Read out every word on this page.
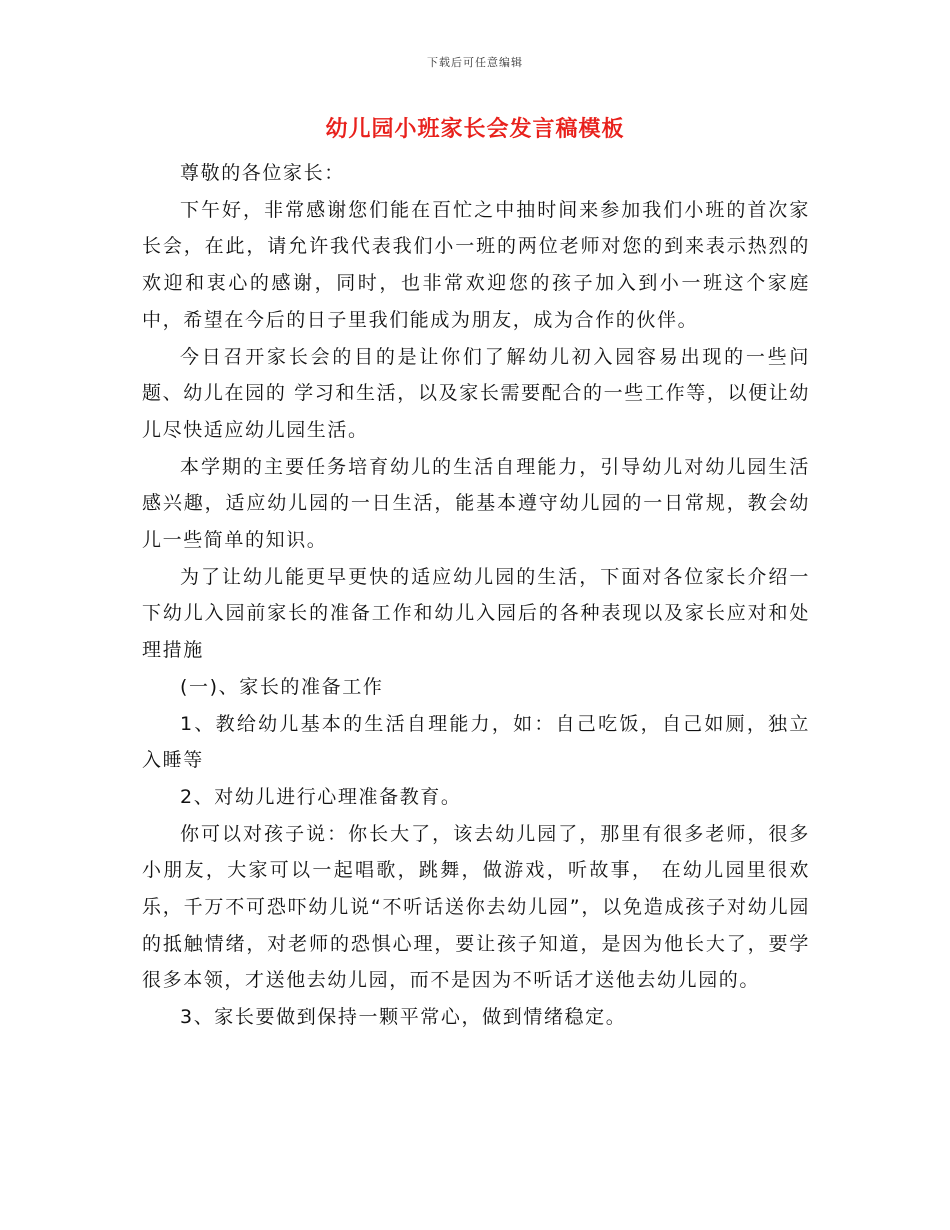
下载后可任意编辑
幼儿园小班家长会发言稿模板

尊敬的各位家长：

下午好，非常感谢您们能在百忙之中抽时间来参加我们小班的首次家长会，在此，请允许我代表我们小一班的两位老师对您的到来表示热烈的欢迎和衷心的感谢，同时，也非常欢迎您的孩子加入到小一班这个家庭中，希望在今后的日子里我们能成为朋友，成为合作的伙伴。

今日召开家长会的目的是让你们了解幼儿初入园容易出现的一些问题、幼儿在园的 学习和生活，以及家长需要配合的一些工作等，以便让幼儿尽快适应幼儿园生活。

本学期的主要任务培育幼儿的生活自理能力，引导幼儿对幼儿园生活感兴趣，适应幼儿园的一日生活，能基本遵守幼儿园的一日常规，教会幼儿一些简单的知识。

为了让幼儿能更早更快的适应幼儿园的生活，下面对各位家长介绍一下幼儿入园前家长的准备工作和幼儿入园后的各种表现以及家长应对和处理措施

(一)、家长的准备工作

1、教给幼儿基本的生活自理能力，如：自己吃饭，自己如厕，独立入睡等

2、对幼儿进行心理准备教育。

你可以对孩子说：你长大了，该去幼儿园了，那里有很多老师，很多小朋友，大家可以一起唱歌，跳舞，做游戏，听故事， 在幼儿园里很欢乐，千万不可恐吓幼儿说“不听话送你去幼儿园”，以免造成孩子对幼儿园的抵触情绪，对老师的恐惧心理，要让孩子知道，是因为他长大了，要学很多本领，才送他去幼儿园，而不是因为不听话才送他去幼儿园的。

3、家长要做到保持一颗平常心，做到情绪稳定。
